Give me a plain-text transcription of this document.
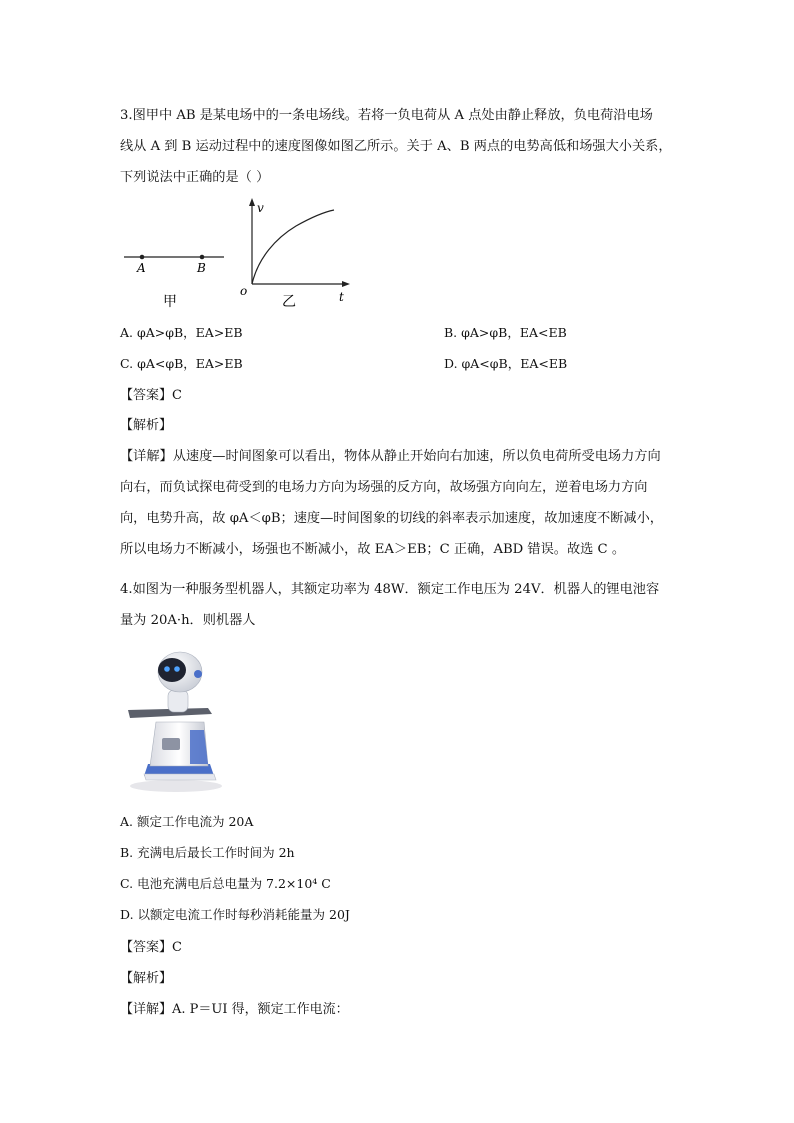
3.图甲中 AB 是某电场中的一条电场线。若将一负电荷从 A 点处由静止释放，负电荷沿电场
线从 A 到 B 运动过程中的速度图像如图乙所示。关于 A、B 两点的电势高低和场强大小关系，
下列说法中正确的是（ ）
A	B
甲
v
o	t
乙
A. φA>φB，EA>EB	B. φA>φB，EA<EB
C. φA<φB，EA>EB	D. φA<φB，EA<EB
【答案】C
【解析】
【详解】从速度—时间图象可以看出，物体从静止开始向右加速，所以负电荷所受电场力方向
向右，而负试探电荷受到的电场力方向为场强的反方向，故场强方向向左，逆着电场力方向
向，电势升高，故 φA＜φB；速度—时间图象的切线的斜率表示加速度，故加速度不断减小，
所以电场力不断减小，场强也不断减小，故 EA＞EB；C 正确，ABD 错误。故选 C 。
4.如图为一种服务型机器人，其额定功率为 48W．额定工作电压为 24V．机器人的锂电池容
量为 20A·h．则机器人
A. 额定工作电流为 20A
B. 充满电后最长工作时间为 2h
C. 电池充满电后总电量为 7.2×10⁴ C
D. 以额定电流工作时每秒消耗能量为 20J
【答案】C
【解析】
【详解】A. P＝UI 得，额定工作电流：
